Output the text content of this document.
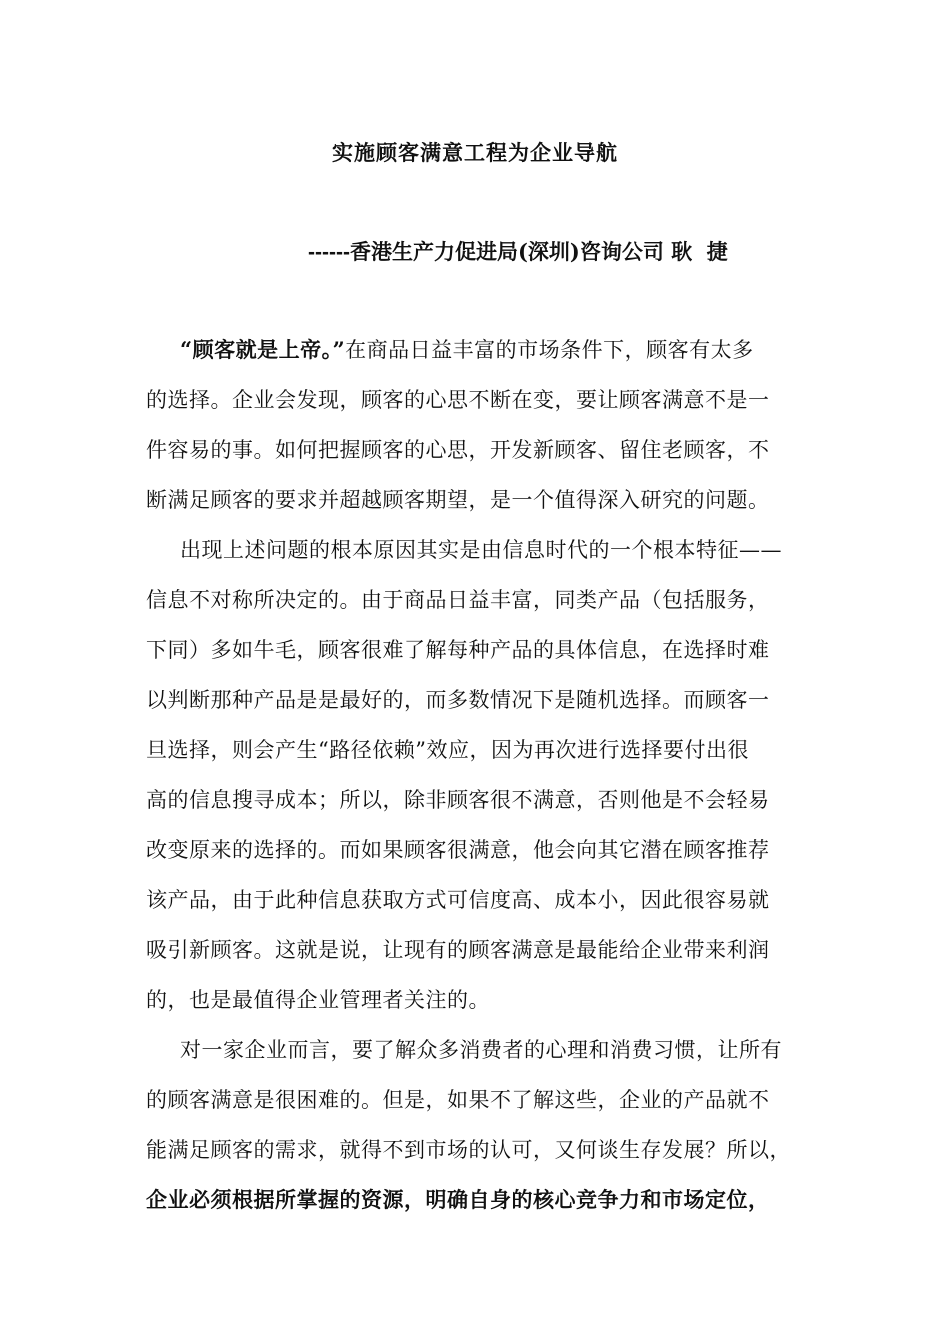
实施顾客满意工程为企业导航
------香港生产力促进局(深圳)咨询公司 耿  捷
“顾客就是上帝。”在商品日益丰富的市场条件下，顾客有太多
的选择。企业会发现，顾客的心思不断在变，要让顾客满意不是一
件容易的事。如何把握顾客的心思，开发新顾客、留住老顾客，不
断满足顾客的要求并超越顾客期望，是一个值得深入研究的问题。
出现上述问题的根本原因其实是由信息时代的一个根本特征——
信息不对称所决定的。由于商品日益丰富，同类产品（包括服务，
下同）多如牛毛，顾客很难了解每种产品的具体信息，在选择时难
以判断那种产品是是最好的，而多数情况下是随机选择。而顾客一
旦选择，则会产生“路径依赖”效应，因为再次进行选择要付出很
高的信息搜寻成本；所以，除非顾客很不满意，否则他是不会轻易
改变原来的选择的。而如果顾客很满意，他会向其它潜在顾客推荐
该产品，由于此种信息获取方式可信度高、成本小，因此很容易就
吸引新顾客。这就是说，让现有的顾客满意是最能给企业带来利润
的，也是最值得企业管理者关注的。
对一家企业而言，要了解众多消费者的心理和消费习惯，让所有
的顾客满意是很困难的。但是，如果不了解这些，企业的产品就不
能满足顾客的需求，就得不到市场的认可，又何谈生存发展？所以，
企业必须根据所掌握的资源，明确自身的核心竞争力和市场定位，
